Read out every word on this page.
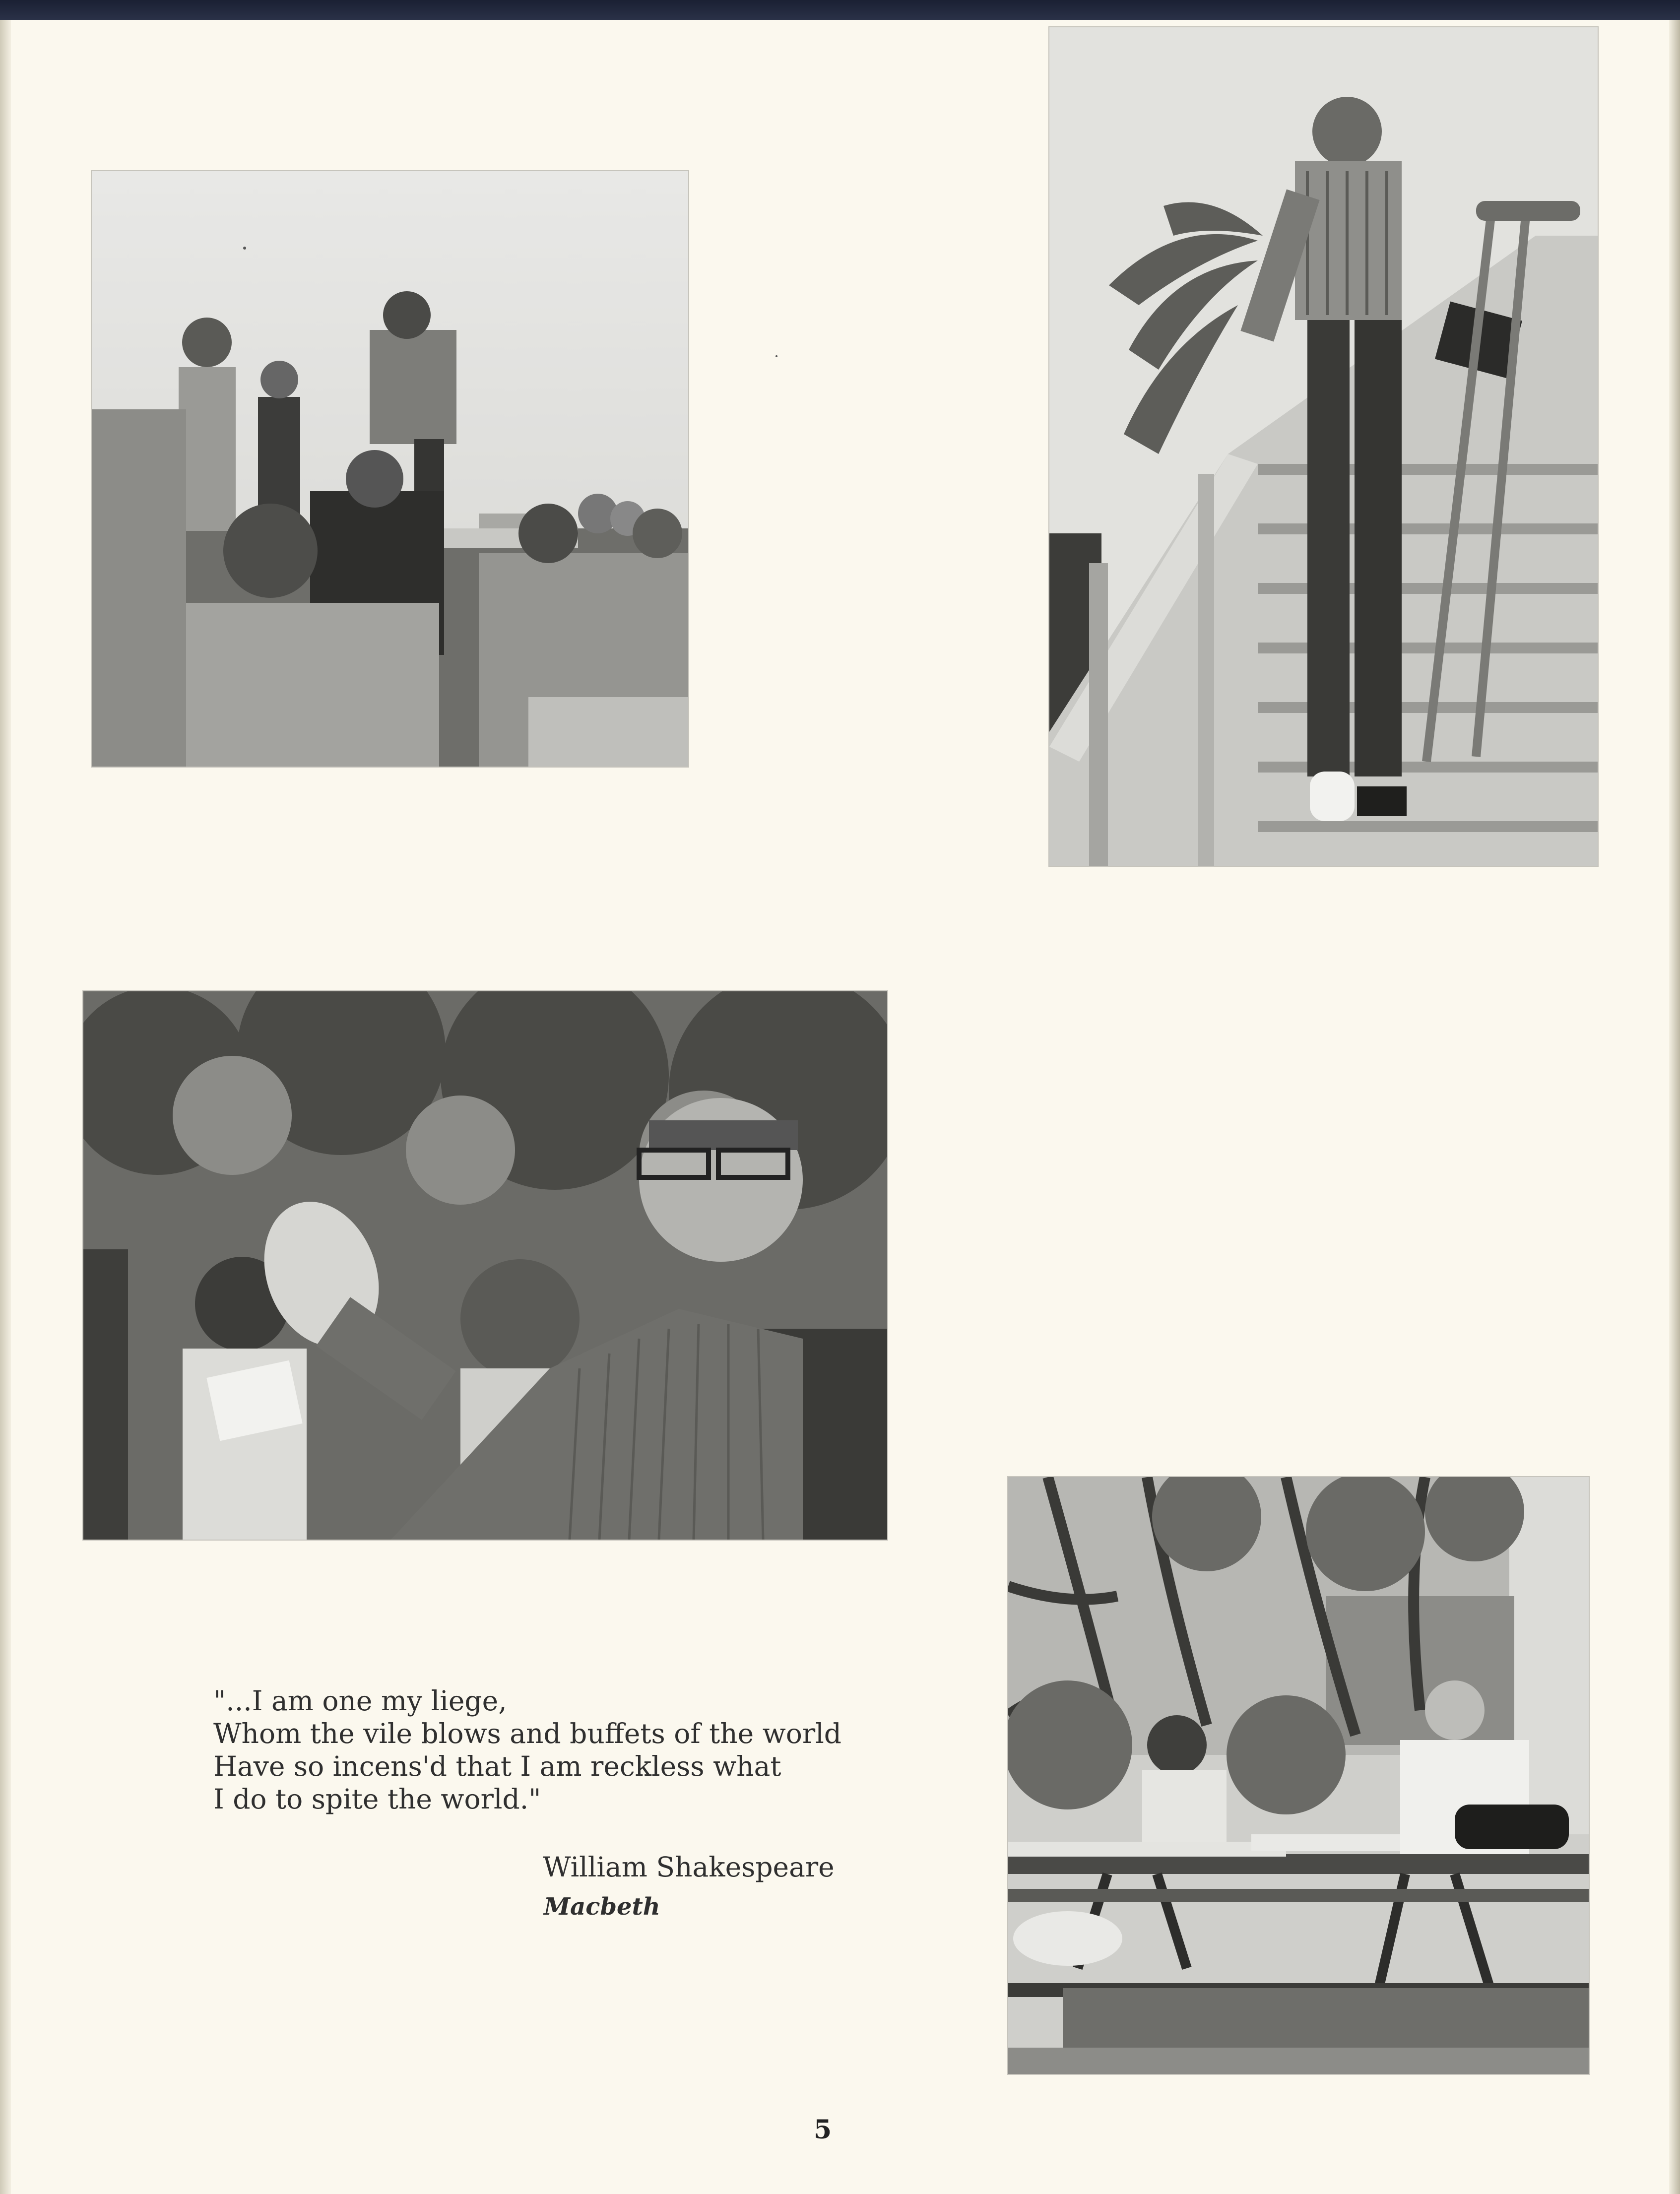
"...I am one my liege,
Whom the vile blows and buffets of the world
Have so incens'd that I am reckless what
I do to spite the world."
William Shakespeare
Macbeth
5
